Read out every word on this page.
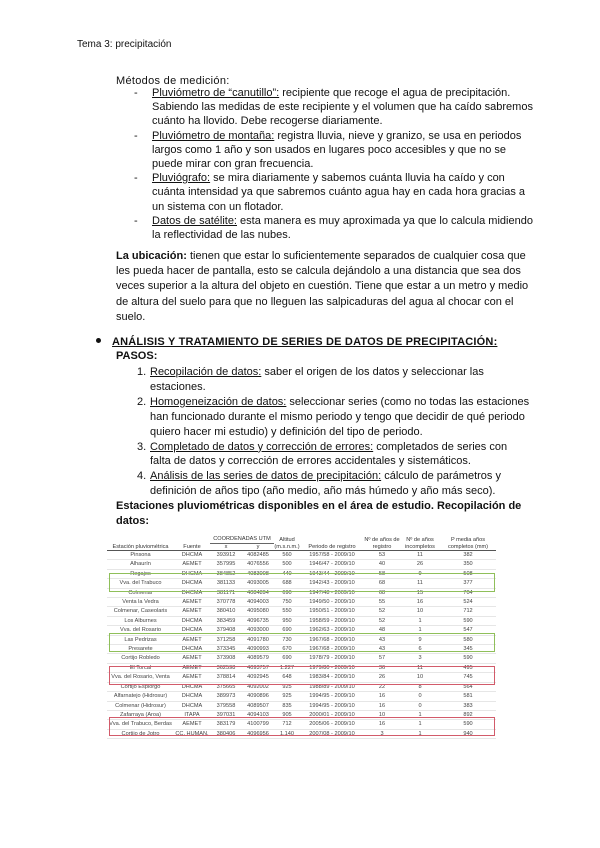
Tema 3: precipitación
Métodos de medición:
- Pluviómetro de “canutillo”: recipiente que recoge el agua de precipitación. Sabiendo las medidas de este recipiente y el volumen que ha caído sabremos cuánto ha llovido. Debe recogerse diariamente.
- Pluviómetro de montaña: registra lluvia, nieve y granizo, se usa en periodos largos como 1 año y son usados en lugares poco accesibles y que no se puede mirar con gran frecuencia.
- Pluviógrafo: se mira diariamente y sabemos cuánta lluvia ha caído y con cuánta intensidad ya que sabremos cuánto agua hay en cada hora gracias a un sistema con un flotador.
- Datos de satélite: esta manera es muy aproximada ya que lo calcula midiendo la reflectividad de las nubes.
La ubicación: tienen que estar lo suficientemente separados de cualquier cosa que les pueda hacer de pantalla, esto se calcula dejándolo a una distancia que sea dos veces superior a la altura del objeto en cuestión. Tiene que estar a un metro y medio de altura del suelo para que no lleguen las salpicaduras del agua al chocar con el suelo.
ANÁLISIS Y TRATAMIENTO DE SERIES DE DATOS DE PRECIPITACIÓN:
PASOS:
1. Recopilación de datos: saber el origen de los datos y seleccionar las estaciones.
2. Homogeneización de datos: seleccionar series (como no todas las estaciones han funcionado durante el mismo periodo y tengo que decidir de qué periodo quiero hacer mi estudio) y definición del tipo de periodo.
3. Completado de datos y corrección de errores: completados de series con falta de datos y corrección de errores accidentales y sistemáticos.
4. Análisis de las series de datos de precipitación: cálculo de parámetros y definición de años tipo (año medio, año más húmedo y año más seco).
Estaciones pluviométricas disponibles en el área de estudio. Recopilación de datos:
Estación pluviométrica	Fuente	COORDENADAS UTM		Altitud (m.s.n.m.)	Periodo de registro	Nº de años de registro	Nº de años incompletos	P media años completos (mm)
		x	y					
Pinsona	DHCMA	393912	4082485	560	1957/58 - 2009/10	53	11	382
Alhaurín	AEMET	357995	4076556	500	1946/47 - 2009/10	40	26	350
Regajos	DHCMA	384852	4083008	440	1943/44 - 2009/10	58	9	508
Vva. del Trabuco	DHCMA	381133	4093005	688	1942/43 - 2009/10	68	11	377
Colmenar	DHCMA	381171	4084894	690	1947/48 - 2009/10	68	15	704
Venta la Vedra	AEMET	370778	4094003	750	1949/50 - 2009/10	55	16	524
Colmenar, Caseolaris	AEMET	380410	4095080	550	1950/51 - 2009/10	52	10	712
Los Alburnes	DHCMA	383459	4096735	950	1958/59 - 2009/10	52	1	590
Vva. del Rosario	DHCMA	379408	4093000	690	1962/63 - 2009/10	48	1	547
Las Pedrizas	AEMET	371258	4091780	730	1967/68 - 2009/10	43	9	580
Presarete	DHCMA	373345	4090993	670	1967/68 - 2009/10	43	6	345
Cortijo Robledo	AEMET	373908	4089579	690	1978/79 - 2009/10	57	3	590
El Torcal	AEMET	362598	4093757	1.227	1979/80 - 2009/10	36	11	495
Vva. del Rosario, Venta	AEMET	378814	4092945	648	1983/84 - 2009/10	26	10	745
Cortijo Espiorgo	DHCMA	375665	4092002	925	1988/89 - 2009/10	22	8	564
Alfarnatejo (Hidrosur)	DHCMA	389973	4090896	925	1994/95 - 2009/10	16	0	581
Colmenar (Hidrosur)	DHCMA	379558	4089507	835	1994/95 - 2009/10	16	0	383
Zafarraya (Aroa)	ITAPA	397031	4094103	905	2000/01 - 2009/10	10	1	892
Vva. del Trabuco, Berdas	AEMET	383179	4100799	712	2005/06 - 2009/10	16	1	590
Cortijo de Jotro	CC. HUMAN.	380406	4096956	1.140	2007/08 - 2009/10	3	1	940
